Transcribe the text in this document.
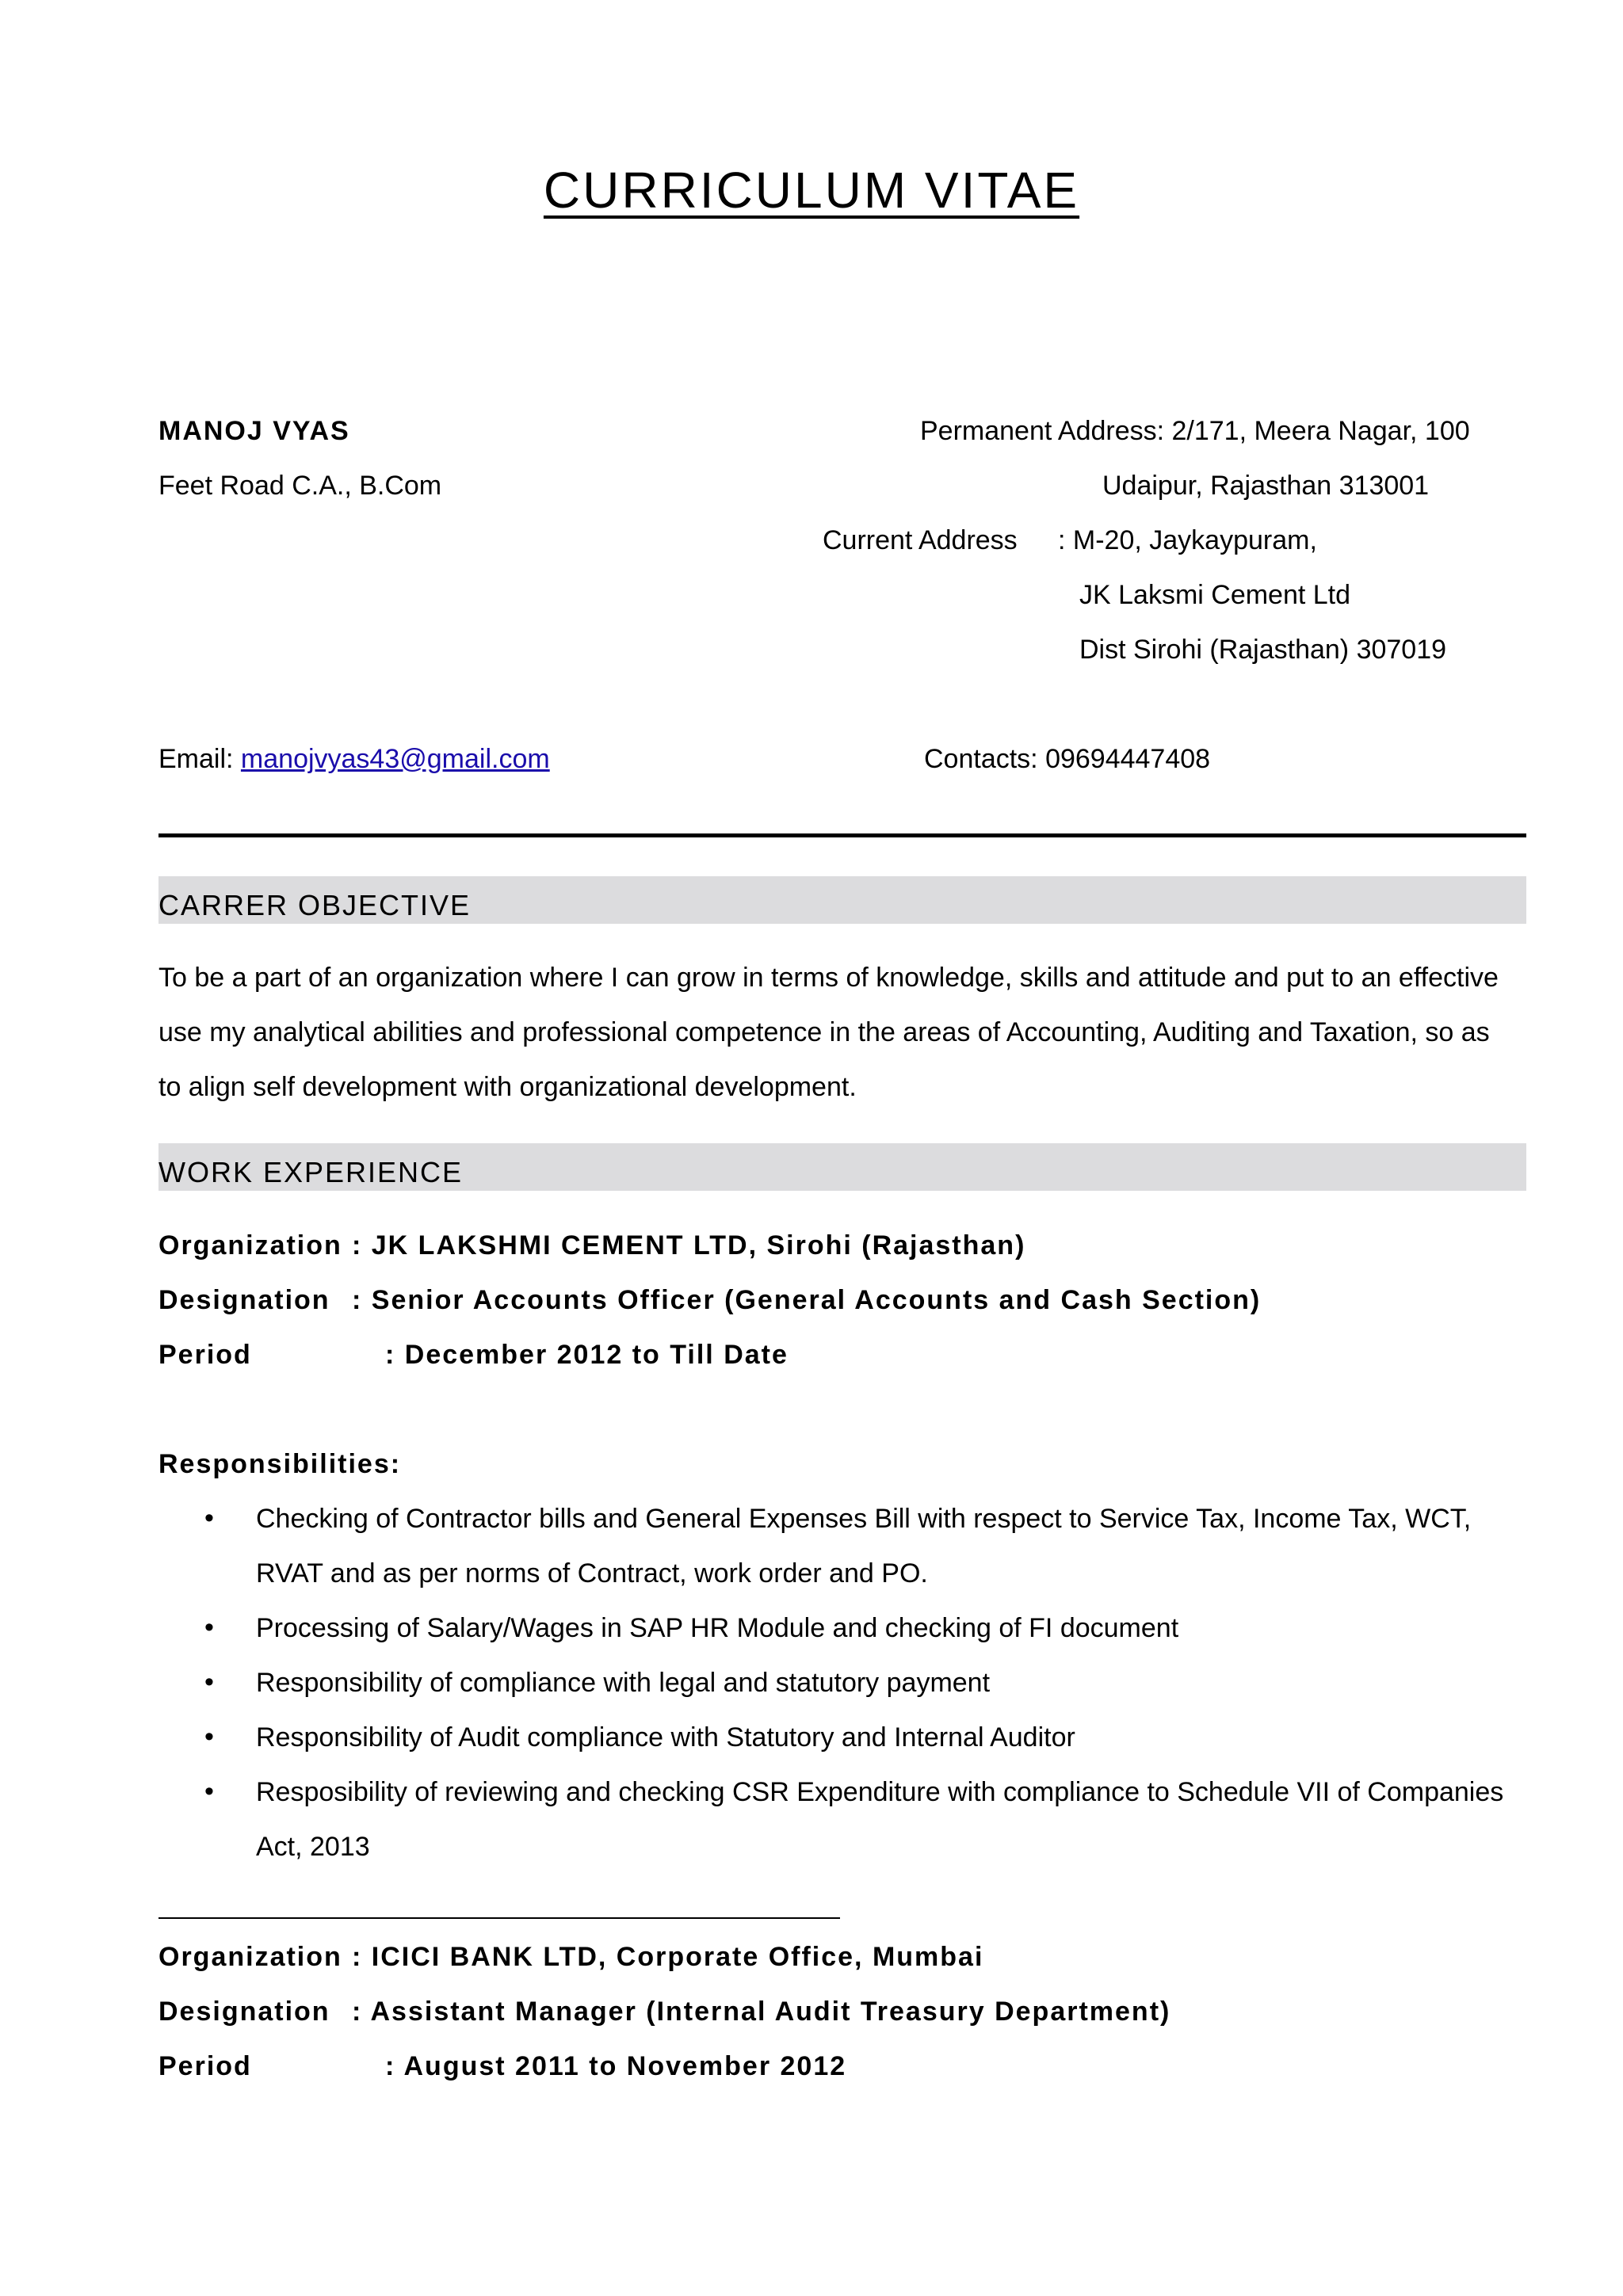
CURRICULUM VITAE
MANOJ VYAS
Feet Road C.A., B.Com
Permanent Address: 2/171, Meera Nagar, 100
Udaipur, Rajasthan 313001
Current Address : M-20, Jaykaypuram,
JK Laksmi Cement Ltd
Dist Sirohi (Rajasthan) 307019
Email: manojvyas43@gmail.com	Contacts: 09694447408
CARRER OBJECTIVE
To be a part of an organization where I can grow in terms of knowledge, skills and attitude and put to an effective
use my analytical abilities and professional competence in the areas of Accounting, Auditing and Taxation, so as
to align self development with organizational development.
WORK EXPERIENCE
Organization : JK LAKSHMI CEMENT LTD, Sirohi (Rajasthan)
Designation : Senior Accounts Officer (General Accounts and Cash Section)
Period	: December 2012 to Till Date
Responsibilities:
• Checking of Contractor bills and General Expenses Bill with respect to Service Tax, Income Tax, WCT,
RVAT and as per norms of Contract, work order and PO.
• Processing of Salary/Wages in SAP HR Module and checking of FI document
• Responsibility of compliance with legal and statutory payment
• Responsibility of Audit compliance with Statutory and Internal Auditor
• Resposibility of reviewing and checking CSR Expenditure with compliance to Schedule VII of Companies
Act, 2013
Organization : ICICI BANK LTD, Corporate Office, Mumbai
Designation : Assistant Manager (Internal Audit Treasury Department)
Period	: August 2011 to November 2012
